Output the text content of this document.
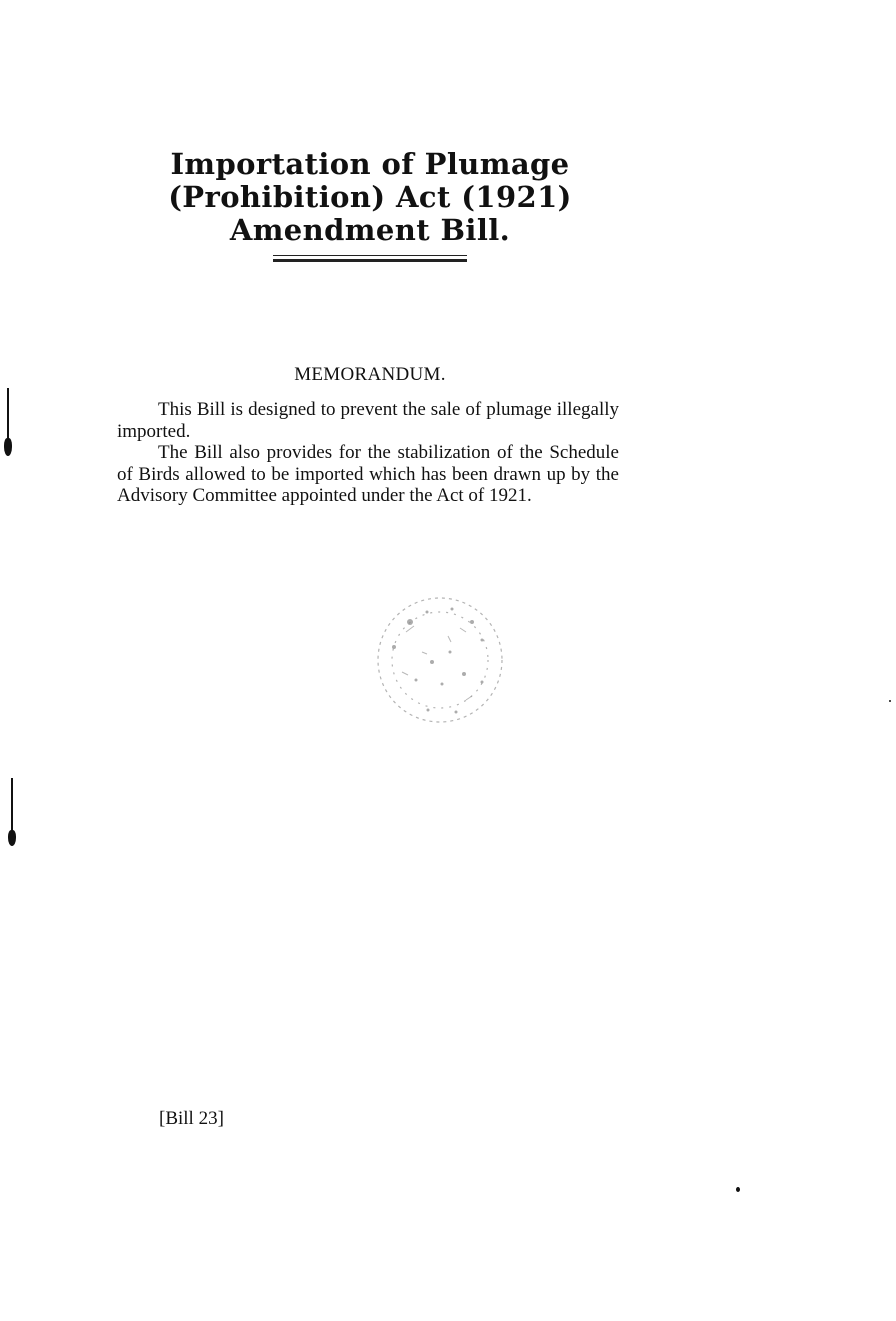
Importation of Plumage
(Prohibition) Act (1921)
Amendment Bill.
MEMORANDUM.

This Bill is designed to prevent the sale of plumage illegally imported.

The Bill also provides for the stabilization of the Schedule of Birds allowed to be imported which has been drawn up by the Advisory Committee appointed under the Act of 1921.

[Bill 23]
